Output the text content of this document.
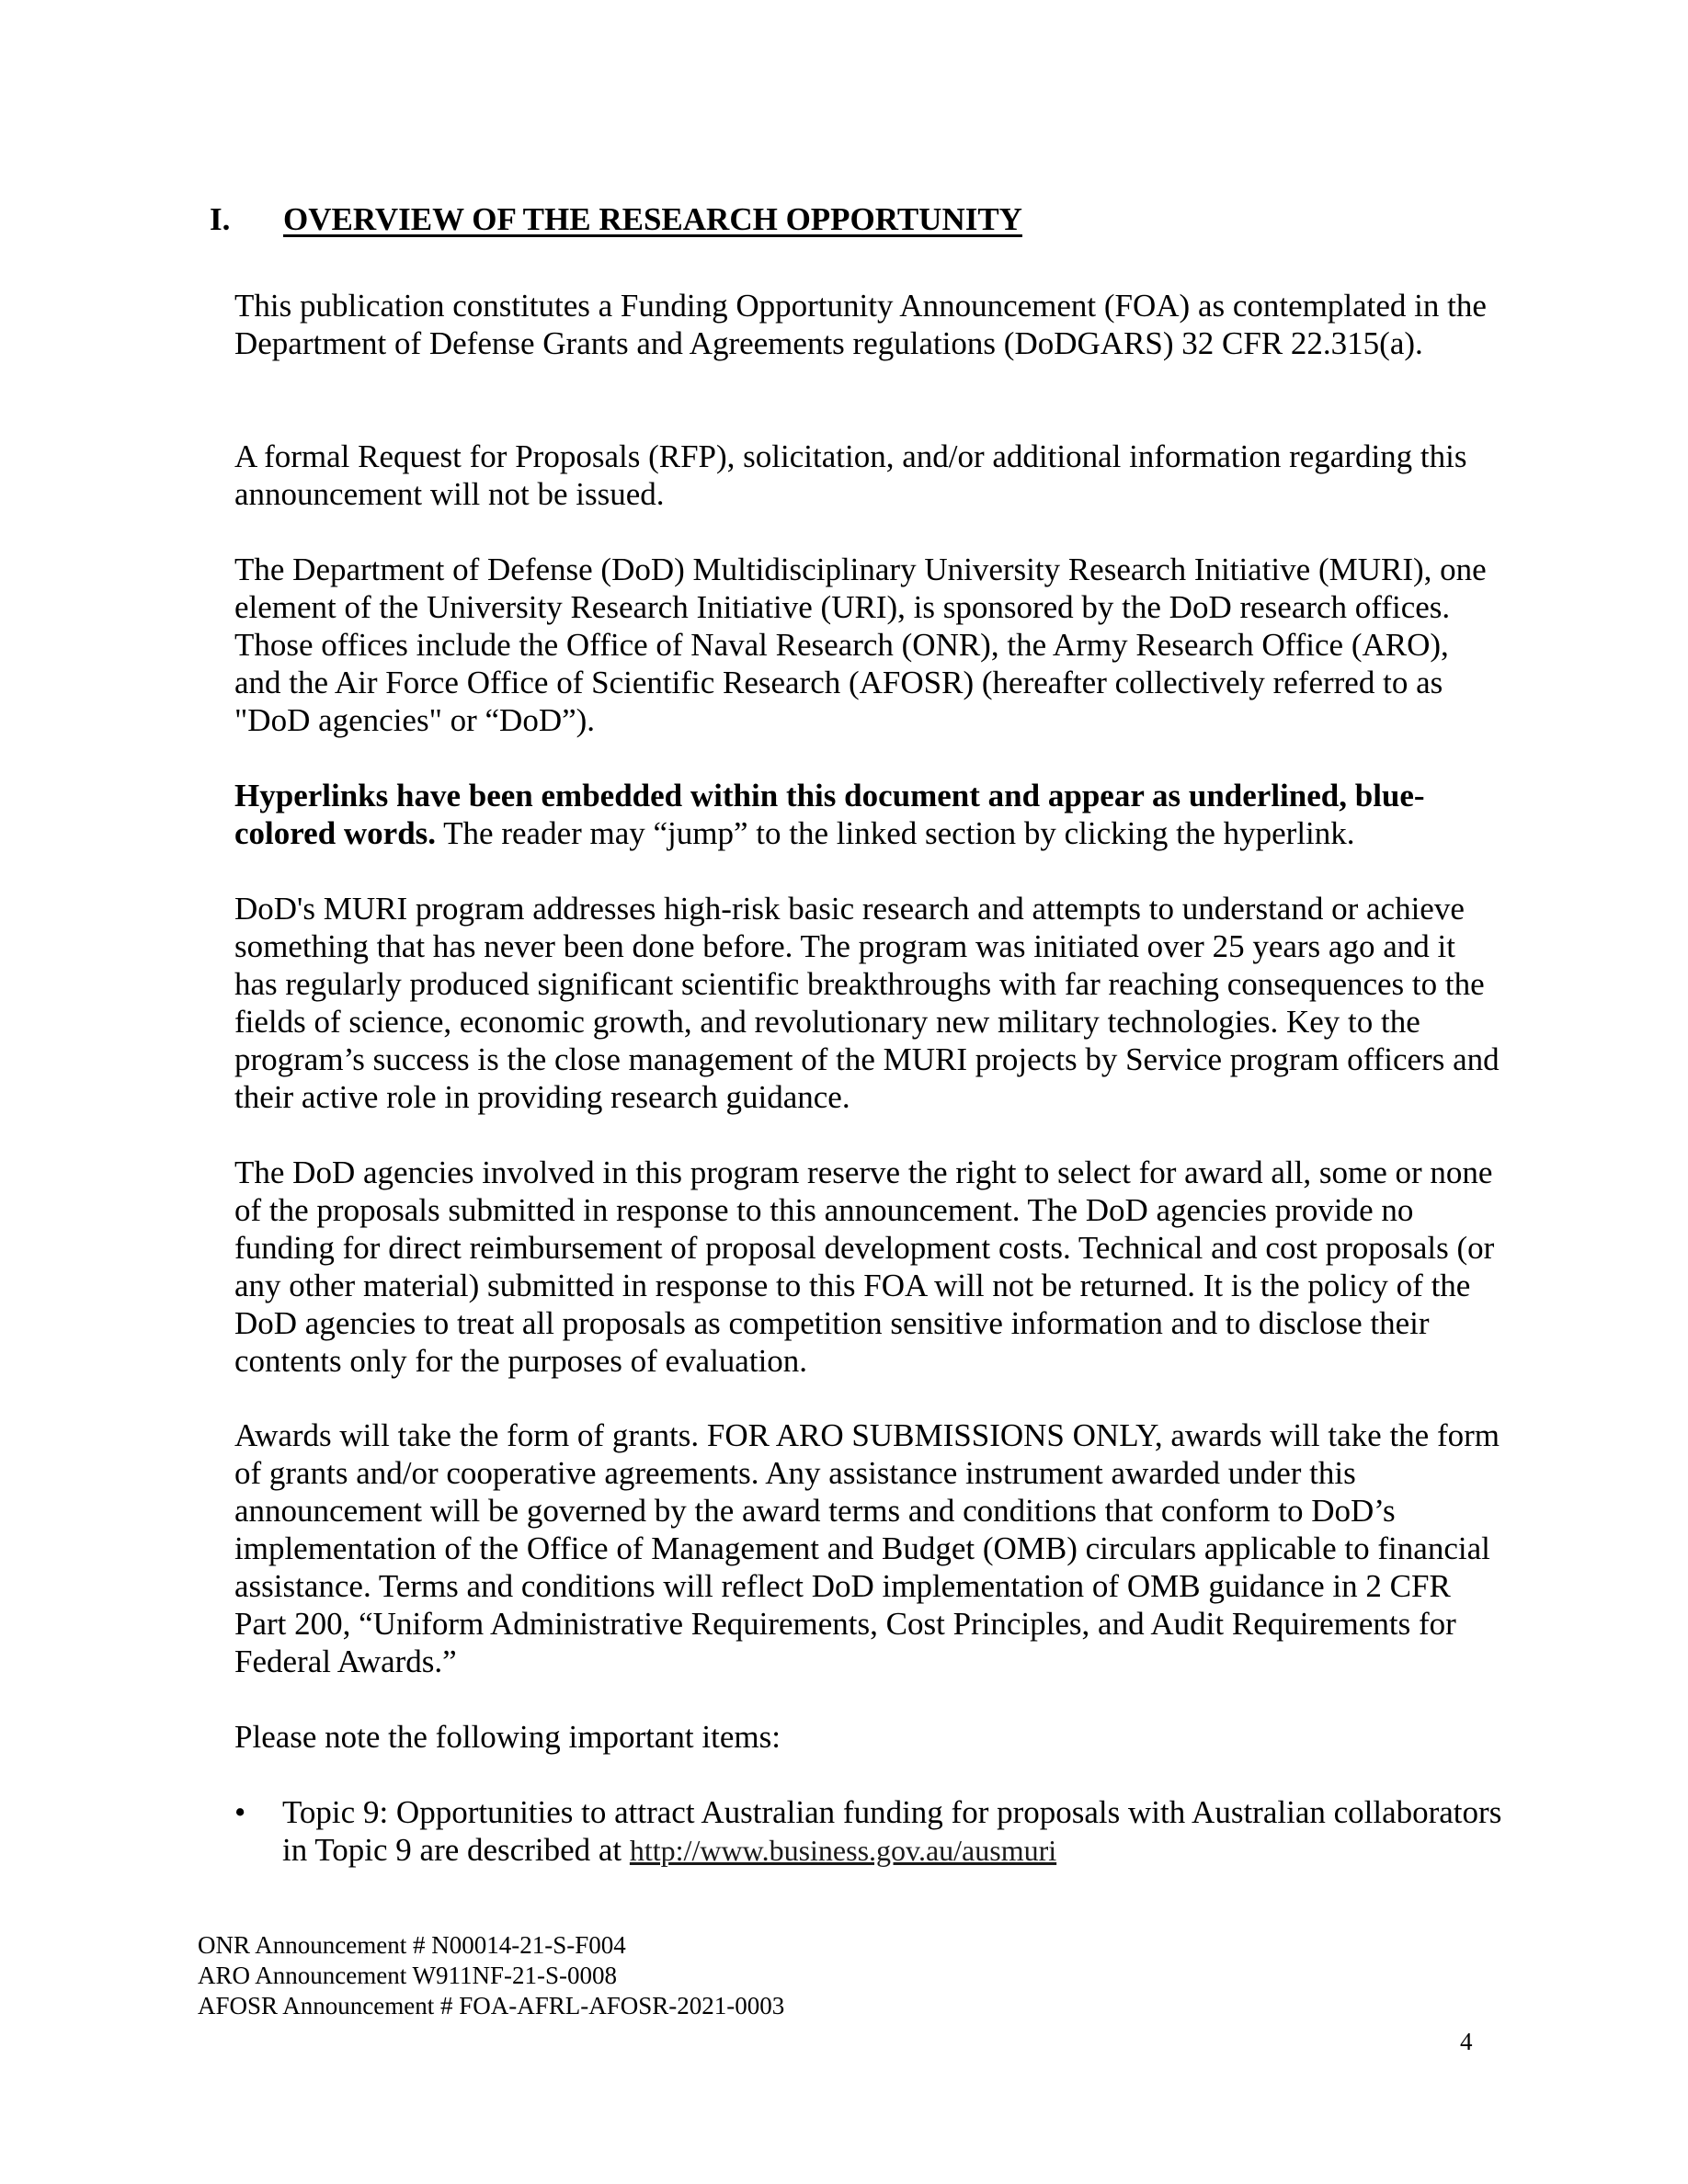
I. OVERVIEW OF THE RESEARCH OPPORTUNITY

This publication constitutes a Funding Opportunity Announcement (FOA) as contemplated in the Department of Defense Grants and Agreements regulations (DoDGARS) 32 CFR 22.315(a).

A formal Request for Proposals (RFP), solicitation, and/or additional information regarding this announcement will not be issued.

The Department of Defense (DoD) Multidisciplinary University Research Initiative (MURI), one element of the University Research Initiative (URI), is sponsored by the DoD research offices. Those offices include the Office of Naval Research (ONR), the Army Research Office (ARO), and the Air Force Office of Scientific Research (AFOSR) (hereafter collectively referred to as "DoD agencies" or “DoD”).

Hyperlinks have been embedded within this document and appear as underlined, blue-colored words. The reader may “jump” to the linked section by clicking the hyperlink.

DoD's MURI program addresses high-risk basic research and attempts to understand or achieve something that has never been done before. The program was initiated over 25 years ago and it has regularly produced significant scientific breakthroughs with far reaching consequences to the fields of science, economic growth, and revolutionary new military technologies. Key to the program’s success is the close management of the MURI projects by Service program officers and their active role in providing research guidance.

The DoD agencies involved in this program reserve the right to select for award all, some or none of the proposals submitted in response to this announcement. The DoD agencies provide no funding for direct reimbursement of proposal development costs. Technical and cost proposals (or any other material) submitted in response to this FOA will not be returned. It is the policy of the DoD agencies to treat all proposals as competition sensitive information and to disclose their contents only for the purposes of evaluation.

Awards will take the form of grants. FOR ARO SUBMISSIONS ONLY, awards will take the form of grants and/or cooperative agreements. Any assistance instrument awarded under this announcement will be governed by the award terms and conditions that conform to DoD’s implementation of the Office of Management and Budget (OMB) circulars applicable to financial assistance. Terms and conditions will reflect DoD implementation of OMB guidance in 2 CFR Part 200, “Uniform Administrative Requirements, Cost Principles, and Audit Requirements for Federal Awards.”

Please note the following important items:

• Topic 9: Opportunities to attract Australian funding for proposals with Australian collaborators in Topic 9 are described at http://www.business.gov.au/ausmuri
ONR Announcement # N00014-21-S-F004
ARO Announcement W911NF-21-S-0008
AFOSR Announcement # FOA-AFRL-AFOSR-2021-0003
4
